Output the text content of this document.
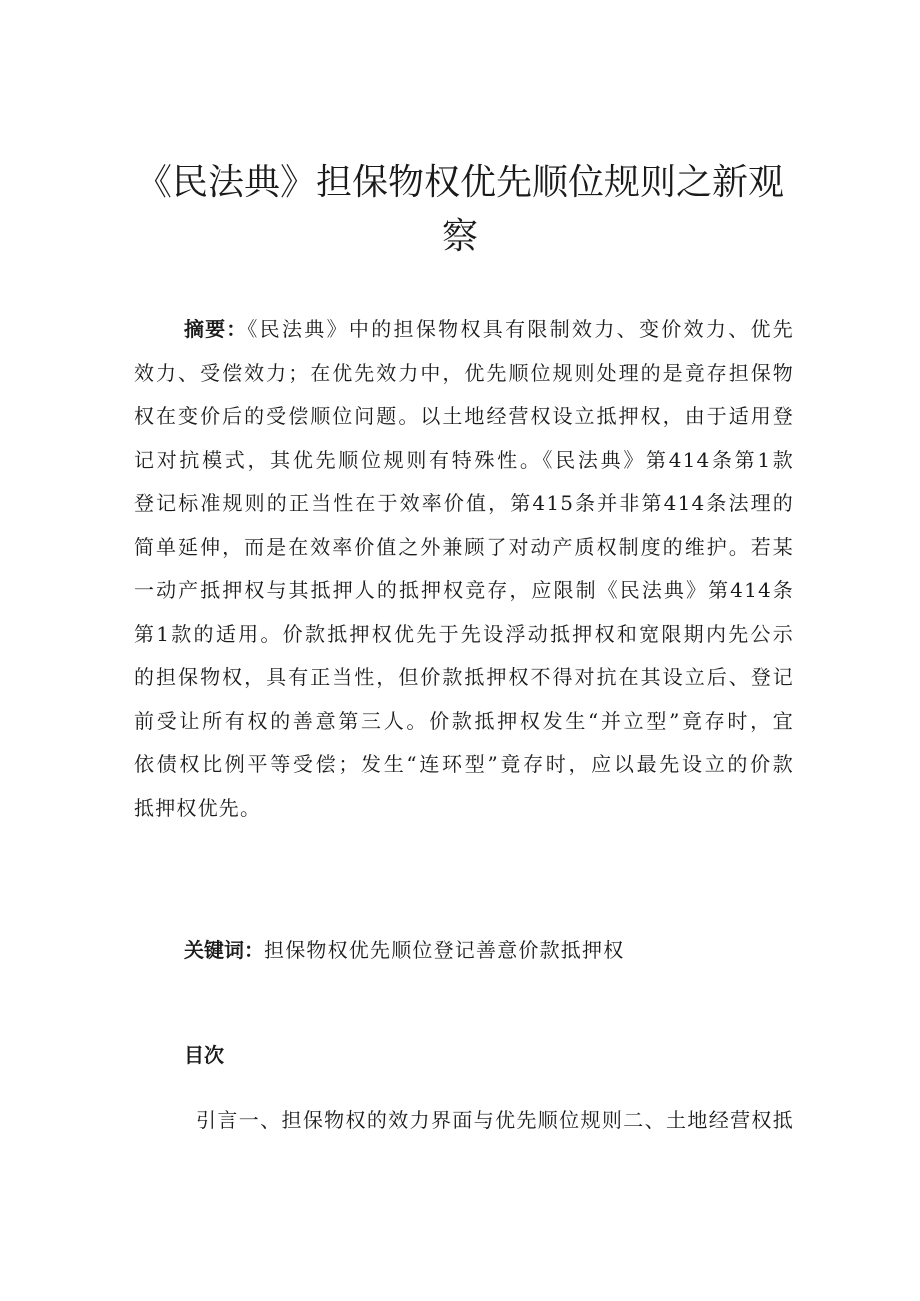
《民法典》担保物权优先顺位规则之新观
察
摘要：《民法典》中的担保物权具有限制效力、变价效力、优先
效力、受偿效力；在优先效力中，优先顺位规则处理的是竟存担保物
权在变价后的受偿顺位问题。以土地经营权设立抵押权，由于适用登
记对抗模式，其优先顺位规则有特殊性。《民法典》第414条第1款
登记标准规则的正当性在于效率价值，第415条并非第414条法理的
简单延伸，而是在效率价值之外兼顾了对动产质权制度的维护。若某
一动产抵押权与其抵押人的抵押权竞存，应限制《民法典》第414条
第1款的适用。价款抵押权优先于先设浮动抵押权和宽限期内先公示
的担保物权，具有正当性，但价款抵押权不得对抗在其设立后、登记
前受让所有权的善意第三人。价款抵押权发生“并立型”竟存时，宜
依债权比例平等受偿；发生“连环型”竟存时，应以最先设立的价款
抵押权优先。
关键词：担保物权优先顺位登记善意价款抵押权
目次

引言一、担保物权的效力界面与优先顺位规则二、土地经营权抵
